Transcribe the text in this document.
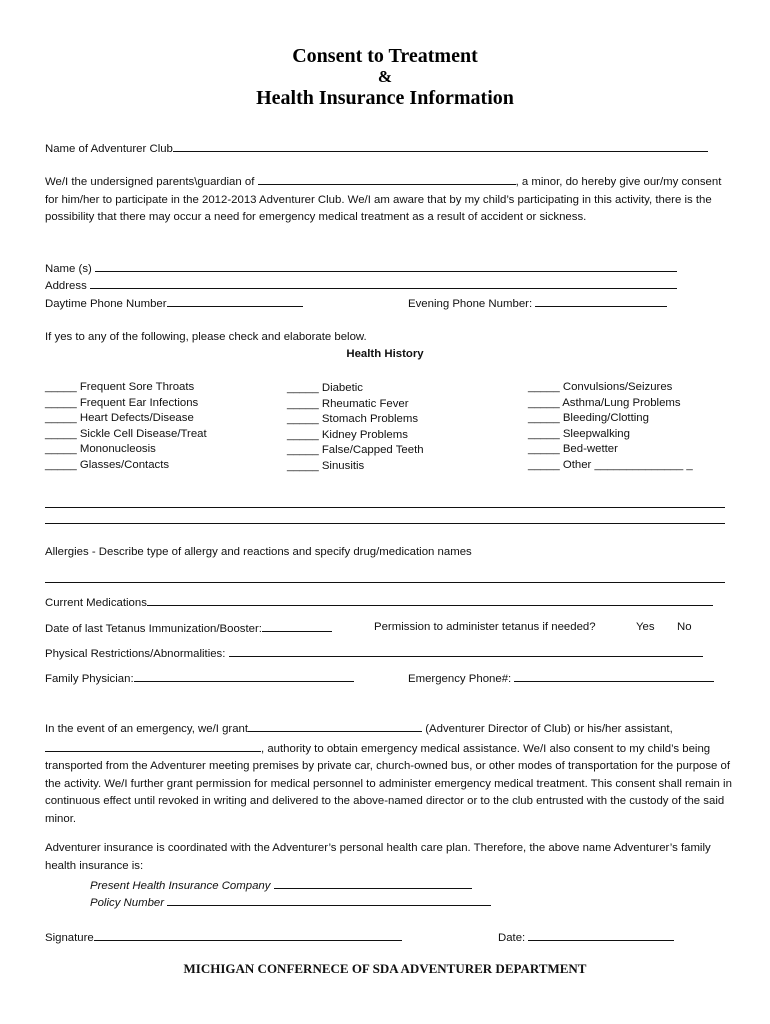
Consent to Treatment
&
Health Insurance Information
Name of Adventurer Club
We/I the undersigned parents\guardian of	, a minor, do hereby give our/my consent for him/her to participate in the 2012-2013 Adventurer Club. We/I am aware that by my child’s participating in this activity, there is the possibility that there may occur a need for emergency medical treatment as a result of accident or sickness.
Name (s)
Address
Daytime Phone Number	Evening Phone Number:
If yes to any of the following, please check and elaborate below.
Health History
_____ Frequent Sore Throats
_____ Frequent Ear Infections
_____ Heart Defects/Disease
_____ Sickle Cell Disease/Treat
_____ Mononucleosis
_____ Glasses/Contacts
_____ Diabetic
_____ Rheumatic Fever
_____ Stomach Problems
_____ Kidney Problems
_____ False/Capped Teeth
_____ Sinusitis
_____ Convulsions/Seizures
_____ Asthma/Lung Problems
_____ Bleeding/Clotting
_____ Sleepwalking
_____ Bed-wetter
_____ Other ______________ _
Allergies - Describe type of allergy and reactions and specify drug/medication names
Current Medications
Date of last Tetanus Immunization/Booster:	Permission to administer tetanus if needed?	Yes No
Physical Restrictions/Abnormalities:
Family Physician:	Emergency Phone#:
In the event of an emergency, we/I grant	(Adventurer Director of Club) or his/her assistant, , authority to obtain emergency medical assistance. We/I also consent to my child’s being transported from the Adventurer meeting premises by private car, church-owned bus, or other modes of transportation for the purpose of the activity. We/I further grant permission for medical personnel to administer emergency medical treatment. This consent shall remain in continuous effect until revoked in writing and delivered to the above-named director or to the club entrusted with the custody of the said minor.
Adventurer insurance is coordinated with the Adventurer’s personal health care plan. Therefore, the above name Adventurer’s family health insurance is:
Present Health Insurance Company
Policy Number
Signature	Date:
MICHIGAN CONFERNECE OF SDA ADVENTURER DEPARTMENT
